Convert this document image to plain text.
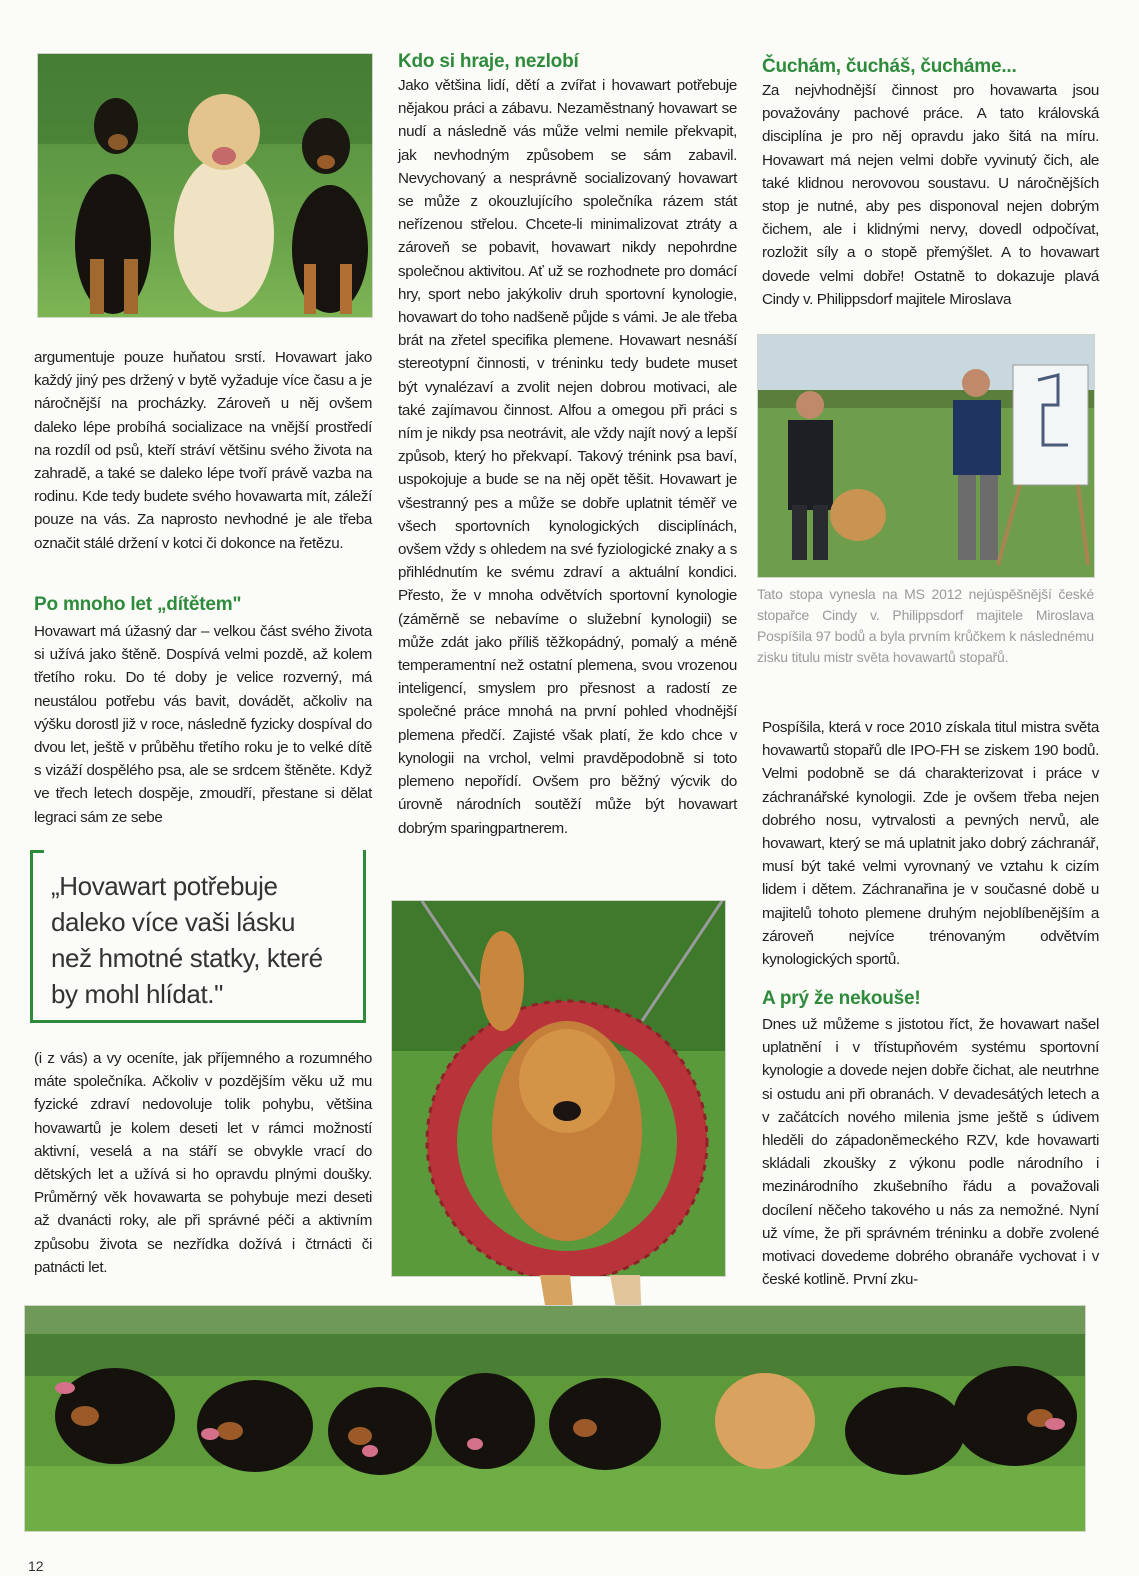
argumentuje pouze huňatou srstí. Hovawart jako každý jiný pes držený v bytě vyžaduje více času a je náročnější na procházky. Zároveň u něj ovšem daleko lépe probíhá socializace na vnější prostředí na rozdíl od psů, kteří stráví většinu svého života na zahradě, a také se daleko lépe tvoří právě vazba na rodinu. Kde tedy budete svého hovawarta mít, záleží pouze na vás. Za naprosto nevhodné je ale třeba označit stálé držení v kotci či dokonce na řetězu.

Po mnoho let „dítětem"

Hovawart má úžasný dar – velkou část svého života si užívá jako štěně. Dospívá velmi pozdě, až kolem třetího roku. Do té doby je velice rozverný, má neustálou potřebu vás bavit, dovádět, ačkoliv na výšku dorostl již v roce, následně fyzicky dospíval do dvou let, ještě v průběhu třetího roku je to velké dítě s vizáží dospělého psa, ale se srdcem štěněte. Když ve třech letech dospěje, zmoudří, přestane si dělat legraci sám ze sebe

„Hovawart potřebuje daleko více vaši lásku než hmotné statky, které by mohl hlídat."

(i z vás) a vy oceníte, jak příjemného a rozumného máte společníka. Ačkoliv v pozdějším věku už mu fyzické zdraví nedovoluje tolik pohybu, většina hovawartů je kolem deseti let v rámci možností aktivní, veselá a na stáří se obvykle vrací do dětských let a užívá si ho opravdu plnými doušky. Průměrný věk hovawarta se pohybuje mezi deseti až dvanácti roky, ale při správné péči a aktivním způsobu života se nezřídka dožívá i čtrnácti či patnácti let.

Kdo si hraje, nezlobí

Jako většina lidí, dětí a zvířat i hovawart potřebuje nějakou práci a zábavu. Nezaměstnaný hovawart se nudí a následně vás může velmi nemile překvapit, jak nevhodným způsobem se sám zabavil. Nevychovaný a nesprávně socializovaný hovawart se může z okouzlujícího společníka rázem stát neřízenou střelou. Chcete-li minimalizovat ztráty a zároveň se pobavit, hovawart nikdy nepohrdne společnou aktivitou. Ať už se rozhodnete pro domácí hry, sport nebo jakýkoliv druh sportovní kynologie, hovawart do toho nadšeně půjde s vámi. Je ale třeba brát na zřetel specifika plemene. Hovawart nesnáší stereotypní činnosti, v tréninku tedy budete muset být vynalézaví a zvolit nejen dobrou motivaci, ale také zajímavou činnost. Alfou a omegou při práci s ním je nikdy psa neotrávit, ale vždy najít nový a lepší způsob, který ho překvapí. Takový trénink psa baví, uspokojuje a bude se na něj opět těšit. Hovawart je všestranný pes a může se dobře uplatnit téměř ve všech sportovních kynologických disciplínách, ovšem vždy s ohledem na své fyziologické znaky a s přihlédnutím ke svému zdraví a aktuální kondici. Přesto, že v mnoha odvětvích sportovní kynologie (záměrně se nebavíme o služební kynologii) se může zdát jako příliš těžkopádný, pomalý a méně temperamentní než ostatní plemena, svou vrozenou inteligencí, smyslem pro přesnost a radostí ze společné práce mnohá na první pohled vhodnější plemena předčí. Zajisté však platí, že kdo chce v kynologii na vrchol, velmi pravděpodobně si toto plemeno nepořídí. Ovšem pro běžný výcvik do úrovně národních soutěží může být hovawart dobrým sparingpartnerem.

Čuchám, čucháš, čucháme...

Za nejvhodnější činnost pro hovawarta jsou považovány pachové práce. A tato královská disciplína je pro něj opravdu jako šitá na míru. Hovawart má nejen velmi dobře vyvinutý čich, ale také klidnou nerovovou soustavu. U náročnějších stop je nutné, aby pes disponoval nejen dobrým čichem, ale i klidnými nervy, dovedl odpočívat, rozložit síly a o stopě přemýšlet. A to hovawart dovede velmi dobře! Ostatně to dokazuje plavá Cindy v. Philippsdorf majitele Miroslava

Tato stopa vynesla na MS 2012 nejúspěšnější české stopařce Cindy v. Philippsdorf majitele Miroslava Pospíšila 97 bodů a byla prvním krůčkem k následnému zisku titulu mistr světa hovawartů stopařů.

Pospíšila, která v roce 2010 získala titul mistra světa hovawartů stopařů dle IPO-FH se ziskem 190 bodů. Velmi podobně se dá charakterizovat i práce v záchranářské kynologii. Zde je ovšem třeba nejen dobrého nosu, vytrvalosti a pevných nervů, ale hovawart, který se má uplatnit jako dobrý záchranář, musí být také velmi vyrovnaný ve vztahu k cizím lidem i dětem. Záchranařina je v současné době u majitelů tohoto plemene druhým nejoblíbenějším a zároveň nejvíce trénovaným odvětvím kynologických sportů.

A prý že nekouše!

Dnes už můžeme s jistotou říct, že hovawart našel uplatnění i v třístupňovém systému sportovní kynologie a dovede nejen dobře čichat, ale neutrhne si ostudu ani při obranách. V devadesátých letech a v začátcích nového milenia jsme ještě s údivem hleděli do západoněmeckého RZV, kde hovawarti skládali zkoušky z výkonu podle národního i mezinárodního zkušebního řádu a považovali docílení něčeho takového u nás za nemožné. Nyní už víme, že při správném tréninku a dobře zvolené motivaci dovedeme dobrého obranáře vychovat i v české kotlině. První zku-

12
